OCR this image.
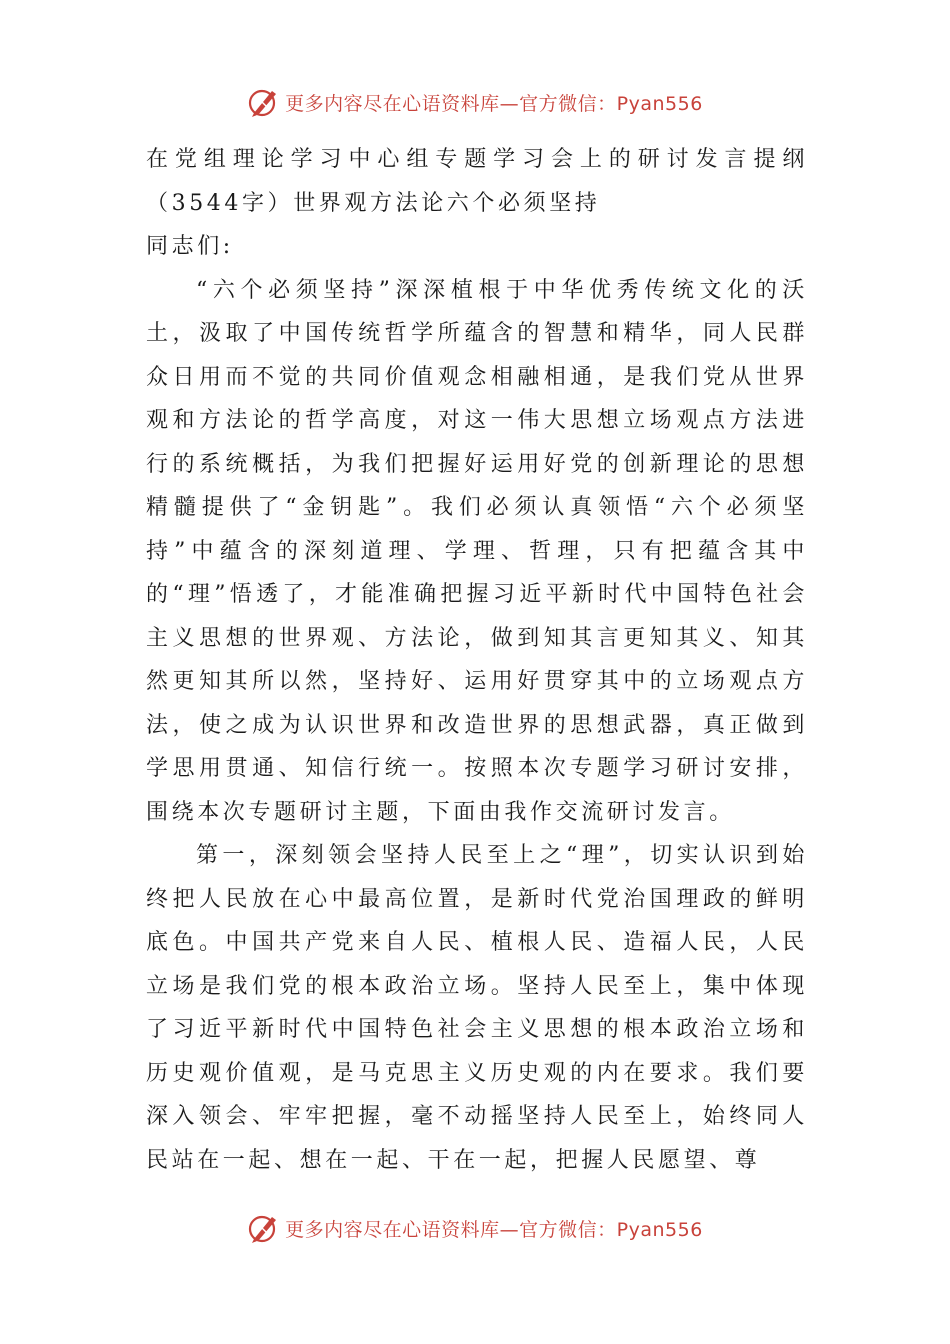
更多内容尽在心语资料库—官方微信：Pyan556

在党组理论学习中心组专题学习会上的研讨发言提纲（3544字）世界观方法论六个必须坚持

同志们:

“六个必须坚持”深深植根于中华优秀传统文化的沃土，汲取了中国传统哲学所蕴含的智慧和精华，同人民群众日用而不觉的共同价值观念相融相通，是我们党从世界观和方法论的哲学高度，对这一伟大思想立场观点方法进行的系统概括，为我们把握好运用好党的创新理论的思想精髓提供了“金钥匙”。我们必须认真领悟“六个必须坚持”中蕴含的深刻道理、学理、哲理，只有把蕴含其中的“理”悟透了，才能准确把握习近平新时代中国特色社会主义思想的世界观、方法论，做到知其言更知其义、知其然更知其所以然，坚持好、运用好贯穿其中的立场观点方法，使之成为认识世界和改造世界的思想武器，真正做到学思用贯通、知信行统一。按照本次专题学习研讨安排，围绕本次专题研讨主题，下面由我作交流研讨发言。

第一，深刻领会坚持人民至上之“理”，切实认识到始终把人民放在心中最高位置，是新时代党治国理政的鲜明底色。中国共产党来自人民、植根人民、造福人民，人民立场是我们党的根本政治立场。坚持人民至上，集中体现了习近平新时代中国特色社会主义思想的根本政治立场和历史观价值观，是马克思主义历史观的内在要求。我们要深入领会、牢牢把握，毫不动摇坚持人民至上，始终同人民站在一起、想在一起、干在一起，把握人民愿望、尊

更多内容尽在心语资料库—官方微信：Pyan556
